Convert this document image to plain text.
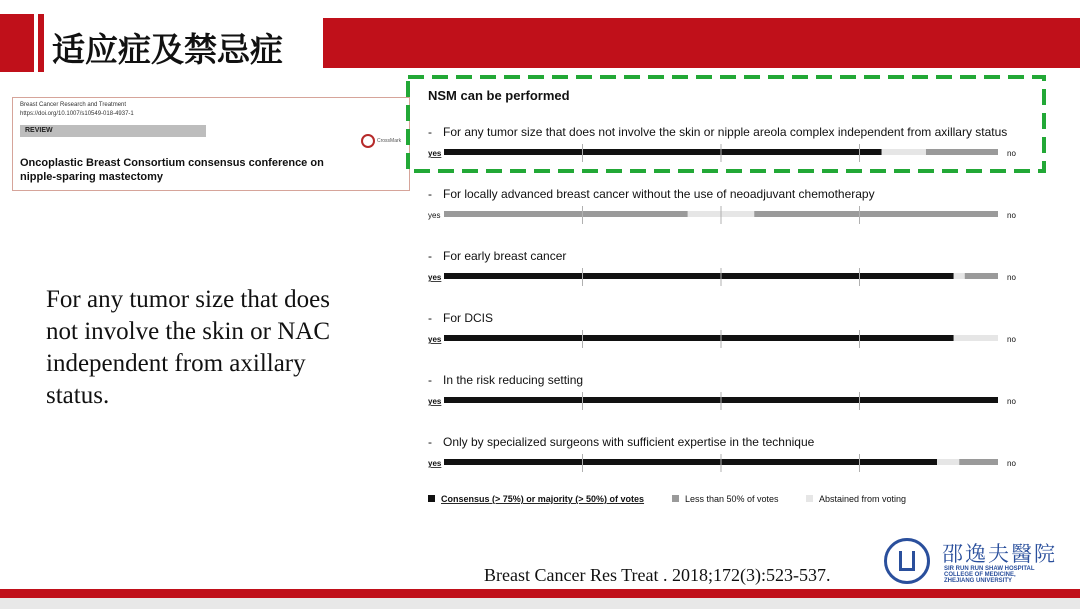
适应症及禁忌症
Breast Cancer Research and Treatment
https://doi.org/10.1007/s10549-018-4937-1
REVIEW
CrossMark
Oncoplastic Breast Consortium consensus conference on nipple-sparing mastectomy
For any tumor size that does not involve the skin or NAC independent from axillary status.
NSM can be performed
- For any tumor size that does not involve the skin or nipple areola complex independent from axillary status
yes	no
- For locally advanced breast cancer without the use of neoadjuvant chemotherapy
yes	no
- For early breast cancer
yes	no
- For DCIS
yes	no
- In the risk reducing setting
yes	no
- Only by specialized surgeons with sufficient expertise in the technique
yes	no
Consensus (> 75%) or majority (> 50%) of votes	Less than 50% of votes	Abstained from voting
Breast Cancer Res Treat . 2018;172(3):523-537.
邵逸夫醫院
SIR RUN RUN SHAW HOSPITAL
COLLEGE OF MEDICINE,
ZHEJIANG UNIVERSITY
